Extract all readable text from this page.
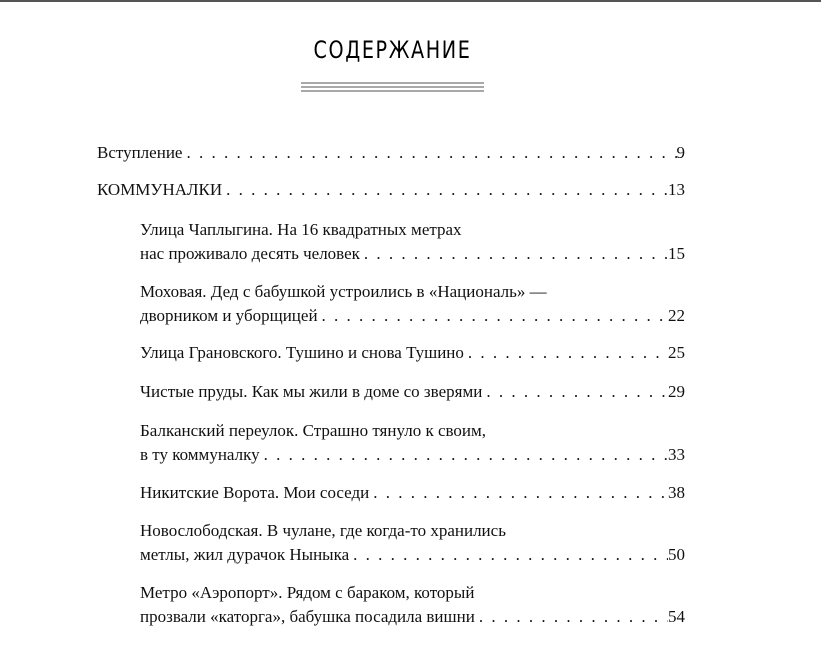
СОДЕРЖАНИЕ
Вступление . . .	9
КОММУНАЛКИ . . .	13
Улица Чаплыгина. На 16 квадратных метрах
нас проживало десять человек . . .	15
Моховая. Дед с бабушкой устроились в «Националь» —
дворником и уборщицей . . .	22
Улица Грановского. Тушино и снова Тушино . . .	25
Чистые пруды. Как мы жили в доме со зверями . . .	29
Балканский переулок. Страшно тянуло к своим,
в ту коммуналку . . .	33
Никитские Ворота. Мои соседи . . .	38
Новослободская. В чулане, где когда-то хранились
метлы, жил дурачок Ныныка . . .	50
Метро «Аэропорт». Рядом с бараком, который
прозвали «каторга», бабушка посадила вишни . . .	54
